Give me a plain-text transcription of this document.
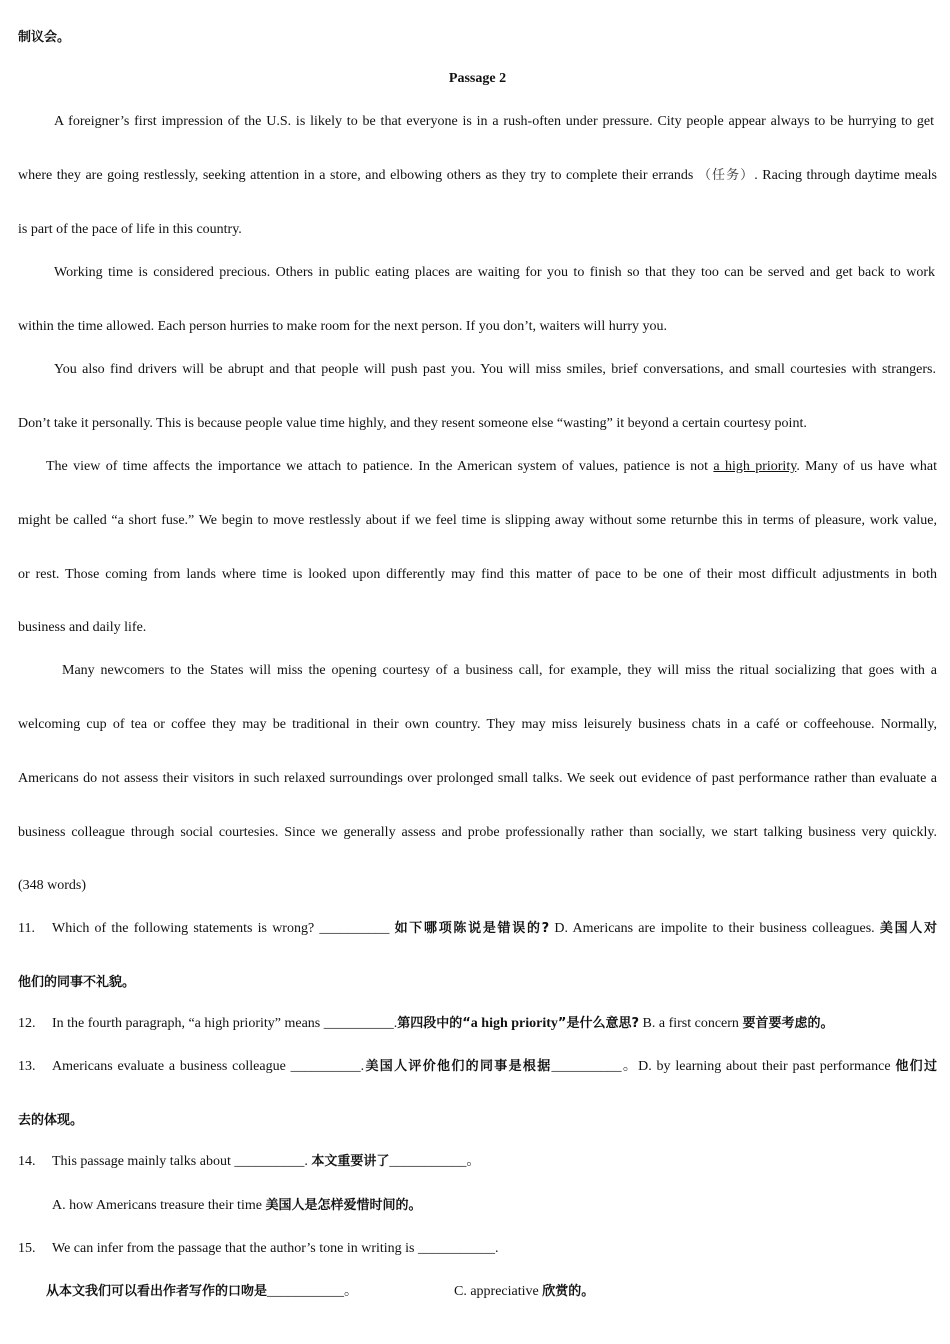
制议会。
Passage 2
A foreigner’s first impression of the U.S. is likely to be that everyone is in a rush-often under pressure. City people appear always to be hurrying to get
where they are going restlessly, seeking attention in a store, and elbowing others as they try to complete their errands （任务）. Racing through daytime meals
is part of the pace of life in this country.
Working time is considered precious. Others in public eating places are waiting for you to finish so that they too can be served and get back to work
within the time allowed. Each person hurries to make room for the next person. If you don’t, waiters will hurry you.
You also find drivers will be abrupt and that people will push past you. You will miss smiles, brief conversations, and small courtesies with strangers.
Don’t take it personally. This is because people value time highly, and they resent someone else “wasting” it beyond a certain courtesy point.
The view of time affects the importance we attach to patience. In the American system of values, patience is not a high priority. Many of us have what
might be called “a short fuse.” We begin to move restlessly about if we feel time is slipping away without some returnbe this in terms of pleasure, work value,
or rest. Those coming from lands where time is looked upon differently may find this matter of pace to be one of their most difficult adjustments in both
business and daily life.
Many newcomers to the States will miss the opening courtesy of a business call, for example, they will miss the ritual socializing that goes with a
welcoming cup of tea or coffee they may be traditional in their own country. They may miss leisurely business chats in a café or coffeehouse. Normally,
Americans do not assess their visitors in such relaxed surroundings over prolonged small talks. We seek out evidence of past performance rather than evaluate a
business colleague through social courtesies. Since we generally assess and probe professionally rather than socially, we start talking business very quickly.
(348 words)
11. Which of the following statements is wrong? __________ 如下哪项陈说是错误的? D. Americans are impolite to their business colleagues. 美国人对
他们的同事不礼貌。
12. In the fourth paragraph, “a high priority” means __________.第四段中的“a high priority”是什么意思? B. a first concern 要首要考虑的。
13. Americans evaluate a business colleague __________.美国人评价他们的同事是根据__________。D. by learning about their past performance 他们过
去的体现。
14. This passage mainly talks about __________. 本文重要讲了___________。
A. how Americans treasure their time 美国人是怎样爱惜时间的。
15. We can infer from the passage that the author’s tone in writing is ___________.
从本文我们可以看出作者写作的口吻是___________。	C. appreciative 欣赏的。
